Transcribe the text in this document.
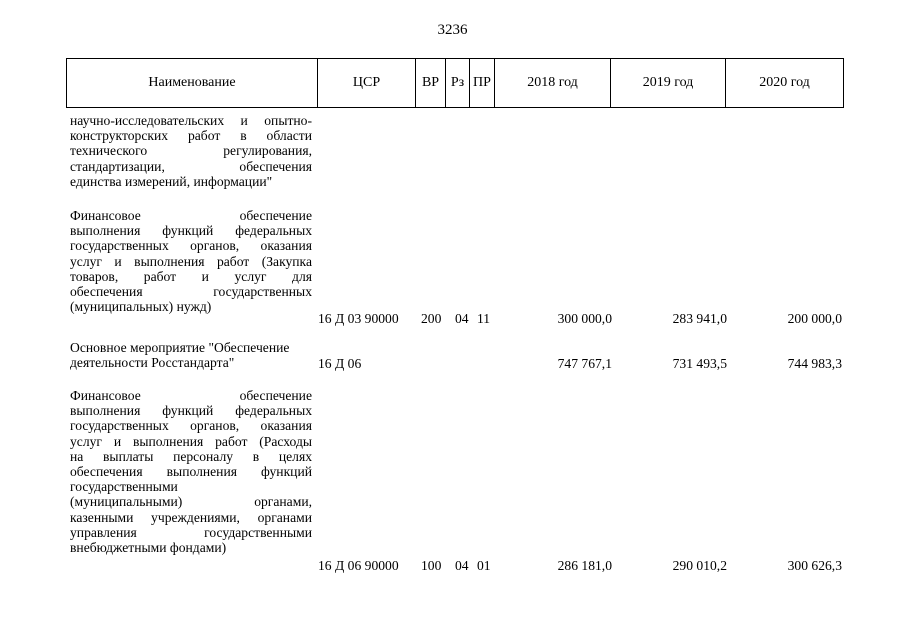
3236
Наименование	ЦСР	ВР Рз ПР	2018 год	2019 год	2020 год
научно-исследовательских и опытно-
конструкторских работ в области
технического регулирования,
стандартизации, обеспечения
единства измерений, информации"
Финансовое обеспечение
выполнения функций федеральных
государственных органов, оказания
услуг и выполнения работ (Закупка
товаров, работ и услуг для
обеспечения государственных
(муниципальных) нужд)
16 Д 03 90000 200 04 11	300 000,0	283 941,0	200 000,0
Основное мероприятие "Обеспечение
деятельности Росстандарта"	16 Д 06	747 767,1	731 493,5	744 983,3
Финансовое обеспечение
выполнения функций федеральных
государственных органов, оказания
услуг и выполнения работ (Расходы
на выплаты персоналу в целях
обеспечения выполнения функций
государственными
(муниципальными) органами,
казенными учреждениями, органами
управления государственными
внебюджетными фондами)
16 Д 06 90000 100 04 01	286 181,0	290 010,2	300 626,3
